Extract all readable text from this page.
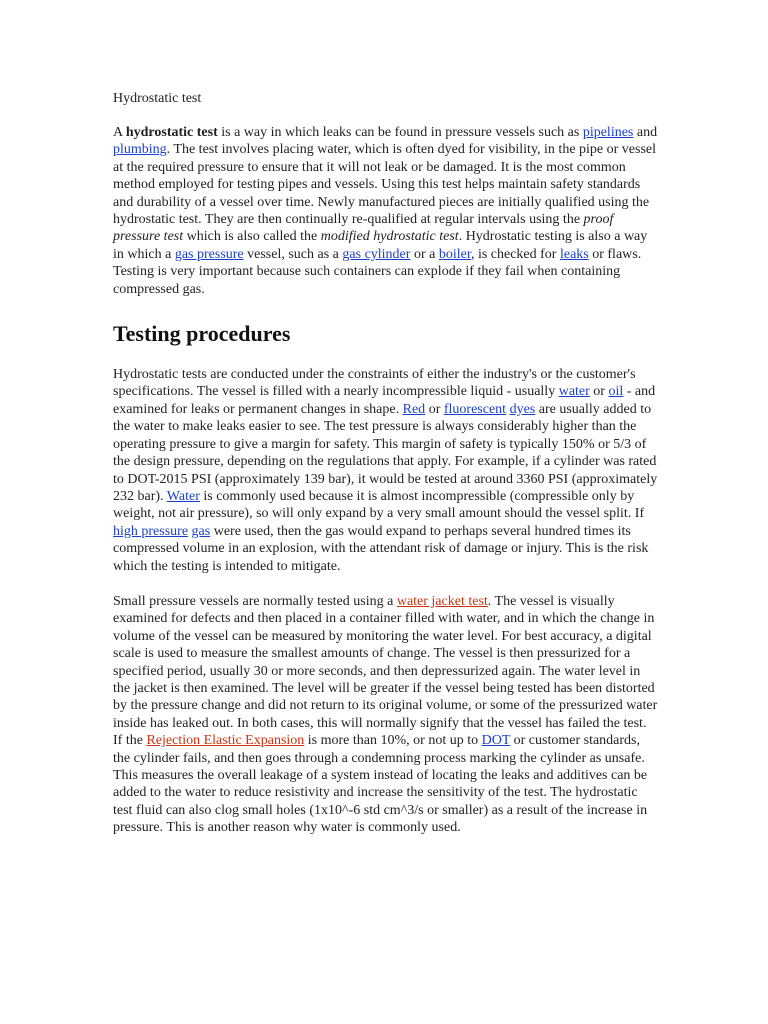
Hydrostatic test

A hydrostatic test is a way in which leaks can be found in pressure vessels such as pipelines and plumbing. The test involves placing water, which is often dyed for visibility, in the pipe or vessel at the required pressure to ensure that it will not leak or be damaged. It is the most common method employed for testing pipes and vessels. Using this test helps maintain safety standards and durability of a vessel over time. Newly manufactured pieces are initially qualified using the hydrostatic test. They are then continually re-qualified at regular intervals using the proof pressure test which is also called the modified hydrostatic test. Hydrostatic testing is also a way in which a gas pressure vessel, such as a gas cylinder or a boiler, is checked for leaks or flaws. Testing is very important because such containers can explode if they fail when containing compressed gas.

Testing procedures

Hydrostatic tests are conducted under the constraints of either the industry's or the customer's specifications. The vessel is filled with a nearly incompressible liquid - usually water or oil - and examined for leaks or permanent changes in shape. Red or fluorescent dyes are usually added to the water to make leaks easier to see. The test pressure is always considerably higher than the operating pressure to give a margin for safety. This margin of safety is typically 150% or 5/3 of the design pressure, depending on the regulations that apply. For example, if a cylinder was rated to DOT-2015 PSI (approximately 139 bar), it would be tested at around 3360 PSI (approximately 232 bar). Water is commonly used because it is almost incompressible (compressible only by weight, not air pressure), so will only expand by a very small amount should the vessel split. If high pressure gas were used, then the gas would expand to perhaps several hundred times its compressed volume in an explosion, with the attendant risk of damage or injury. This is the risk which the testing is intended to mitigate.

Small pressure vessels are normally tested using a water jacket test. The vessel is visually examined for defects and then placed in a container filled with water, and in which the change in volume of the vessel can be measured by monitoring the water level. For best accuracy, a digital scale is used to measure the smallest amounts of change. The vessel is then pressurized for a specified period, usually 30 or more seconds, and then depressurized again. The water level in the jacket is then examined. The level will be greater if the vessel being tested has been distorted by the pressure change and did not return to its original volume, or some of the pressurized water inside has leaked out. In both cases, this will normally signify that the vessel has failed the test. If the Rejection Elastic Expansion is more than 10%, or not up to DOT or customer standards, the cylinder fails, and then goes through a condemning process marking the cylinder as unsafe. This measures the overall leakage of a system instead of locating the leaks and additives can be added to the water to reduce resistivity and increase the sensitivity of the test. The hydrostatic test fluid can also clog small holes (1x10^-6 std cm^3/s or smaller) as a result of the increase in pressure. This is another reason why water is commonly used.
